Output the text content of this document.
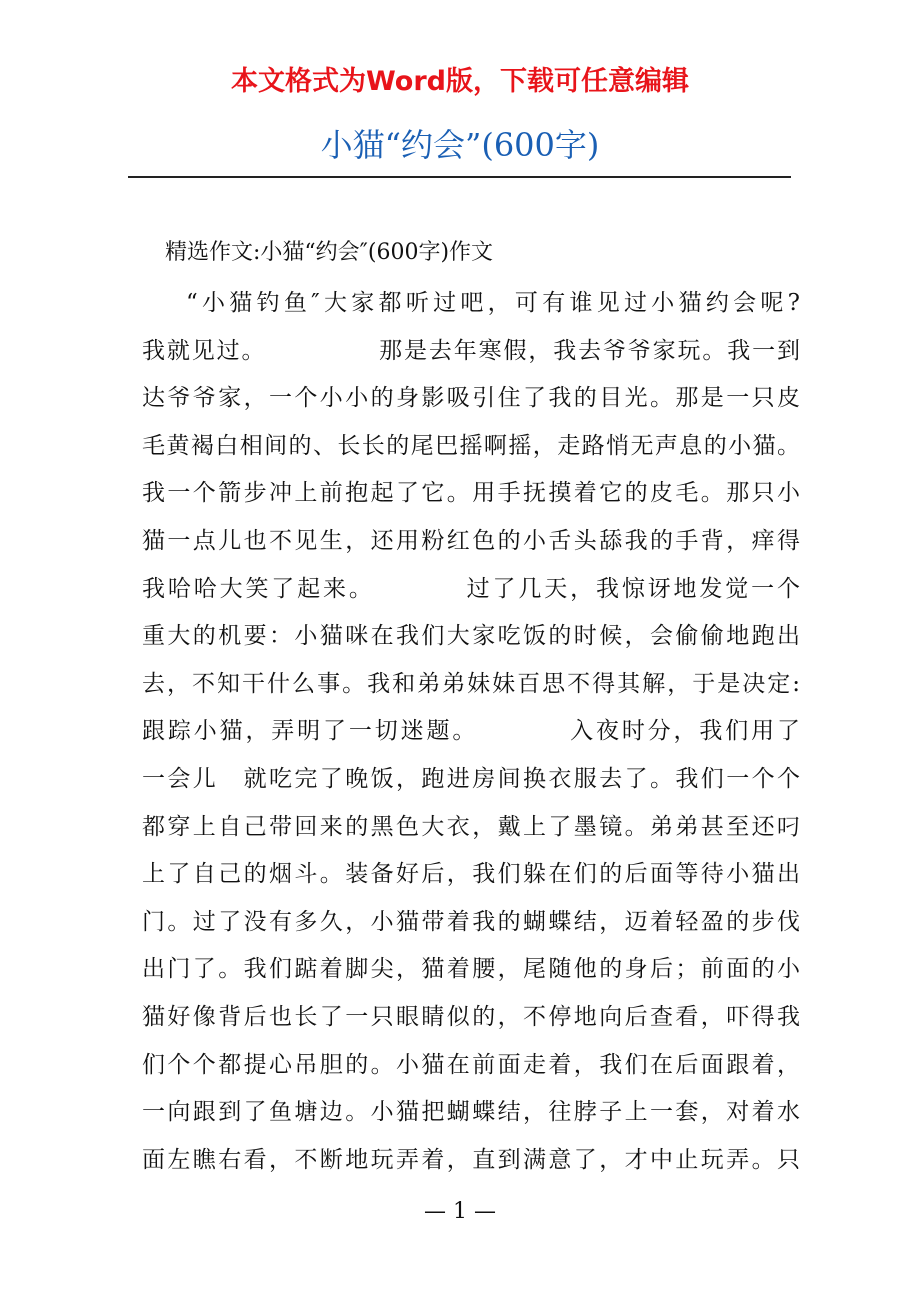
本文格式为Word版，下载可任意编辑
小猫“约会”(600字)
精选作文:小猫“约会″(600字)作文
“小猫钓鱼″大家都听过吧，可有谁见过小猫约会呢?
我就见过。　　　　　那是去年寒假，我去爷爷家玩。我一到
达爷爷家，一个小小的身影吸引住了我的目光。那是一只皮
毛黄褐白相间的、长长的尾巴摇啊摇，走路悄无声息的小猫。
我一个箭步冲上前抱起了它。用手抚摸着它的皮毛。那只小
猫一点儿也不见生，还用粉红色的小舌头舔我的手背，痒得
我哈哈大笑了起来。　　　　过了几天，我惊讶地发觉一个
重大的机要：小猫咪在我们大家吃饭的时候，会偷偷地跑出
去，不知干什么事。我和弟弟妹妹百思不得其解，于是决定:
跟踪小猫，弄明了一切迷题。　　　　入夜时分，我们用了
一会儿　就吃完了晚饭，跑进房间换衣服去了。我们一个个
都穿上自己带回来的黑色大衣，戴上了墨镜。弟弟甚至还叼
上了自己的烟斗。装备好后，我们躲在们的后面等待小猫出
门。过了没有多久，小猫带着我的蝴蝶结，迈着轻盈的步伐
出门了。我们踮着脚尖，猫着腰，尾随他的身后；前面的小
猫好像背后也长了一只眼睛似的，不停地向后查看，吓得我
们个个都提心吊胆的。小猫在前面走着，我们在后面跟着，
一向跟到了鱼塘边。小猫把蝴蝶结，往脖子上一套，对着水
面左瞧右看，不断地玩弄着，直到满意了，才中止玩弄。只
— 1 —
